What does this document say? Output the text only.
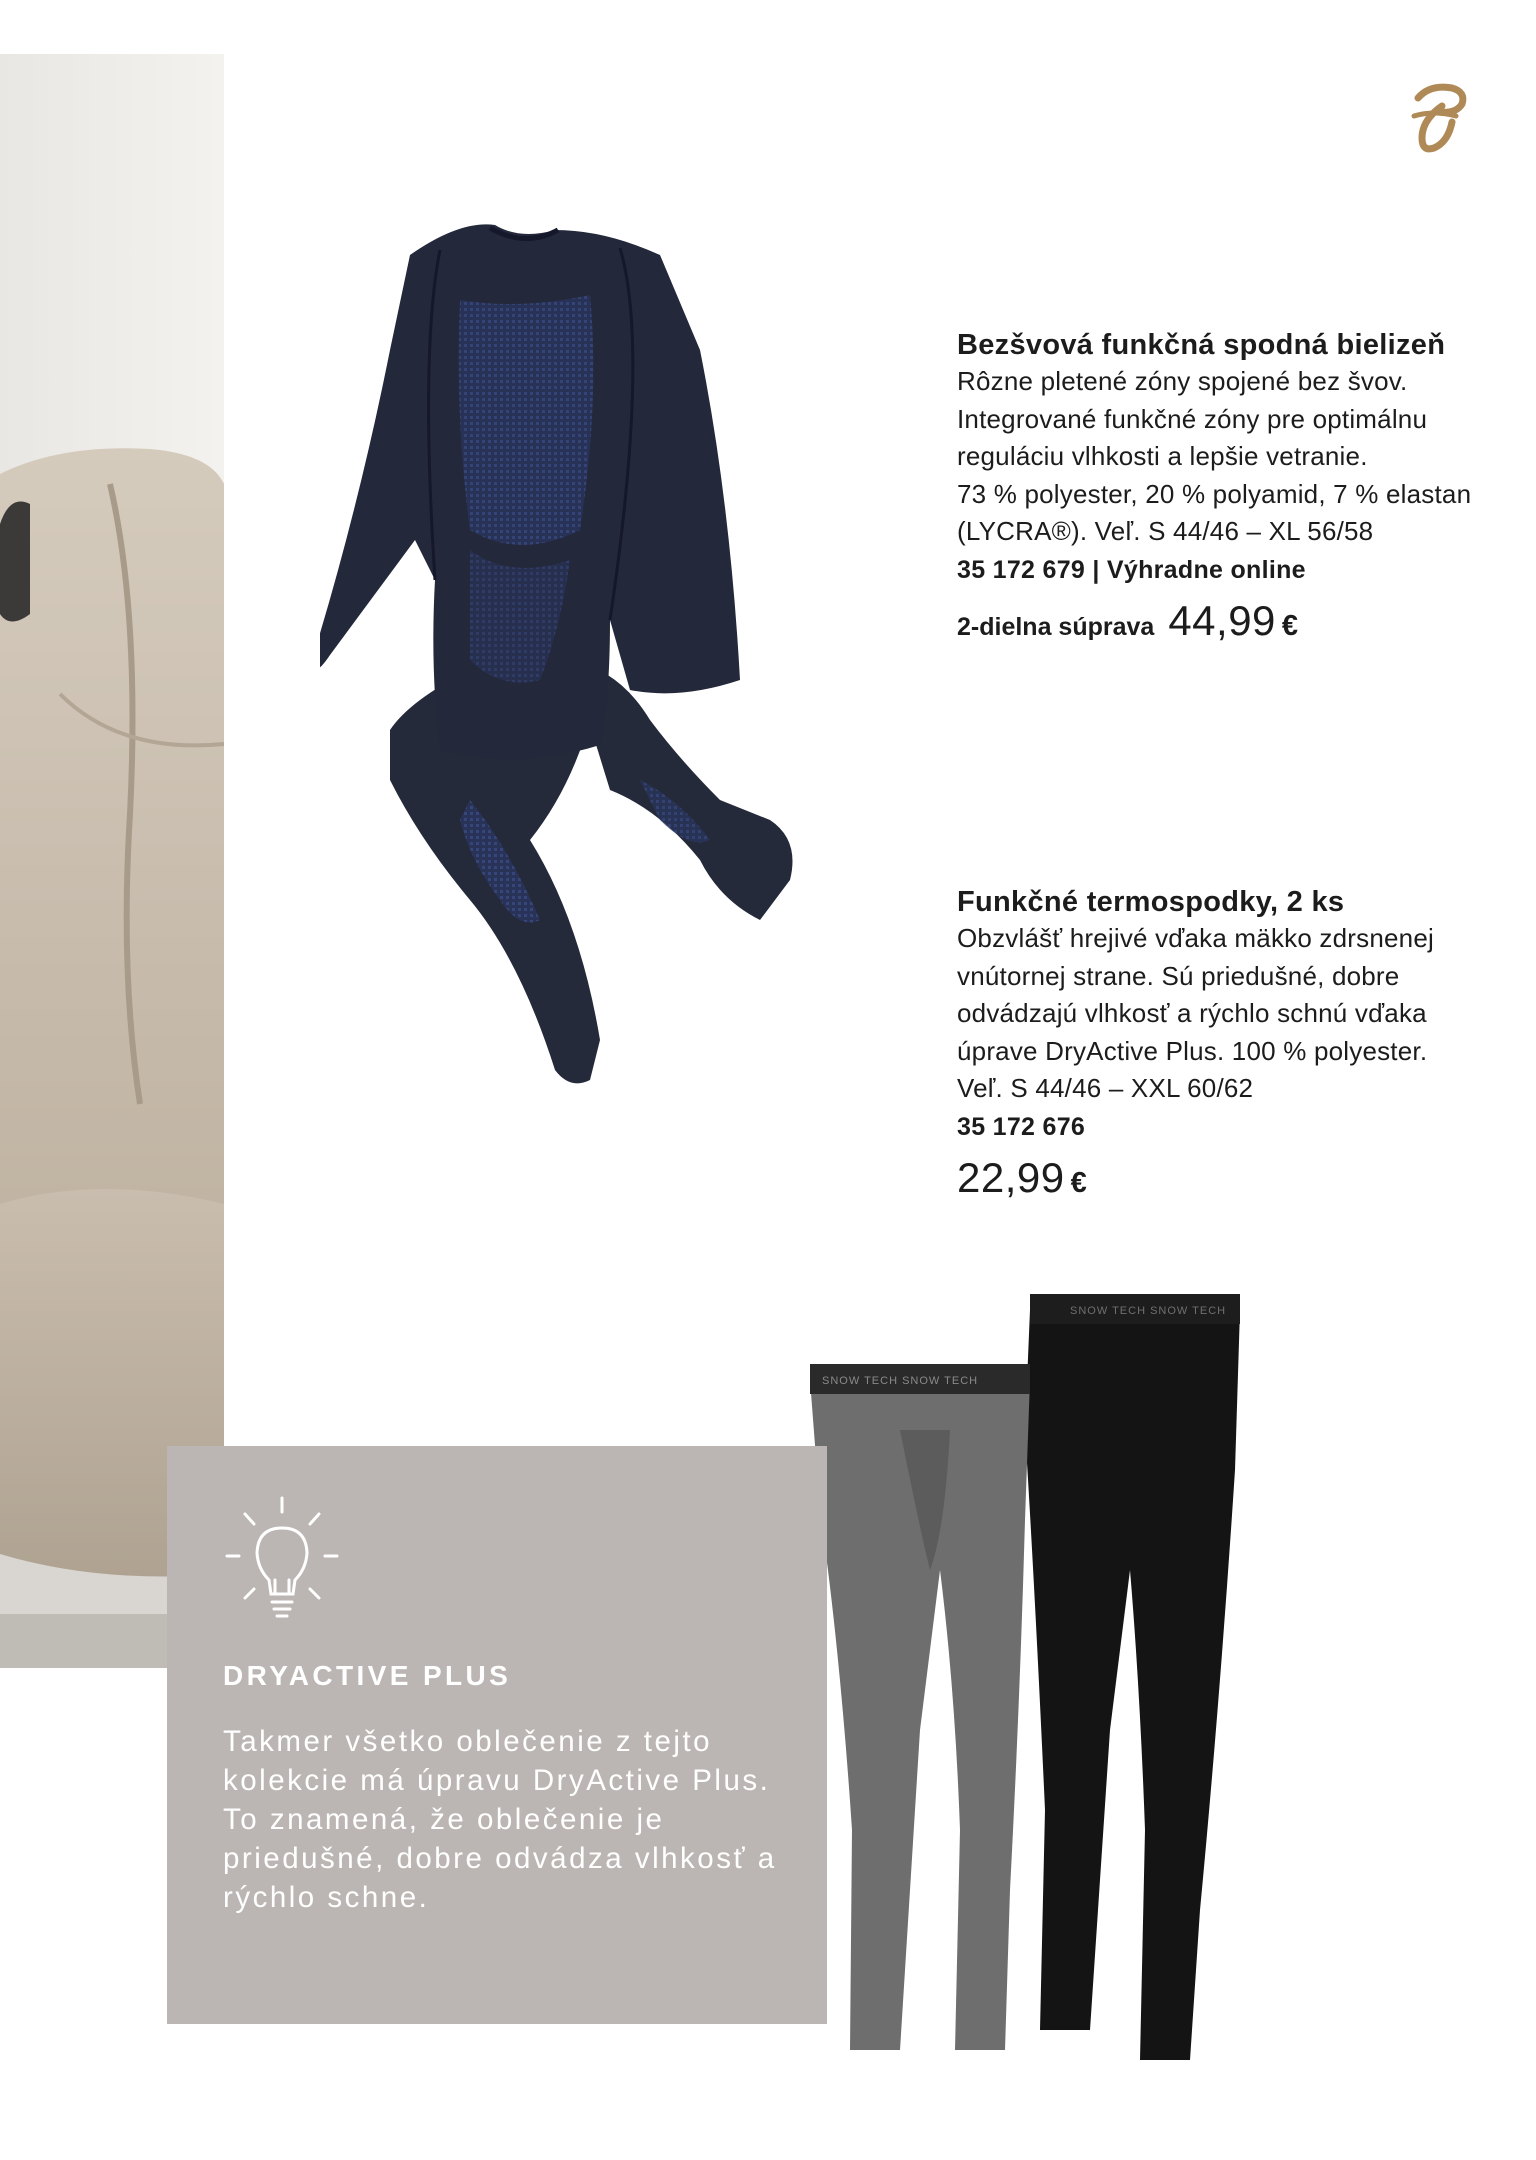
SNOW TECH SNOW TECH
SNOW TECH SNOW TECH
Bezšvová funkčná spodná bielizeň
Rôzne pletené zóny spojené bez švov.
Integrované funkčné zóny pre optimálnu
reguláciu vlhkosti a lepšie vetranie.
73 % polyester, 20 % polyamid, 7 % elastan
(LYCRA®). Veľ. S 44/46 – XL 56/58
35 172 679 | Výhradne online
2-dielna súprava 44,99 €
Funkčné termospodky, 2 ks
Obzvlášť hrejivé vďaka mäkko zdrsnenej
vnútornej strane. Sú priedušné, dobre
odvádzajú vlhkosť a rýchlo schnú vďaka
úprave DryActive Plus. 100 % polyester.
Veľ. S 44/46 – XXL 60/62
35 172 676
22,99 €
DRYACTIVE PLUS
Takmer všetko oblečenie z tejto kolekcie má úpravu DryActive Plus. To znamená, že oblečenie je priedušné, dobre odvádza vlhkosť a rýchlo schne.
